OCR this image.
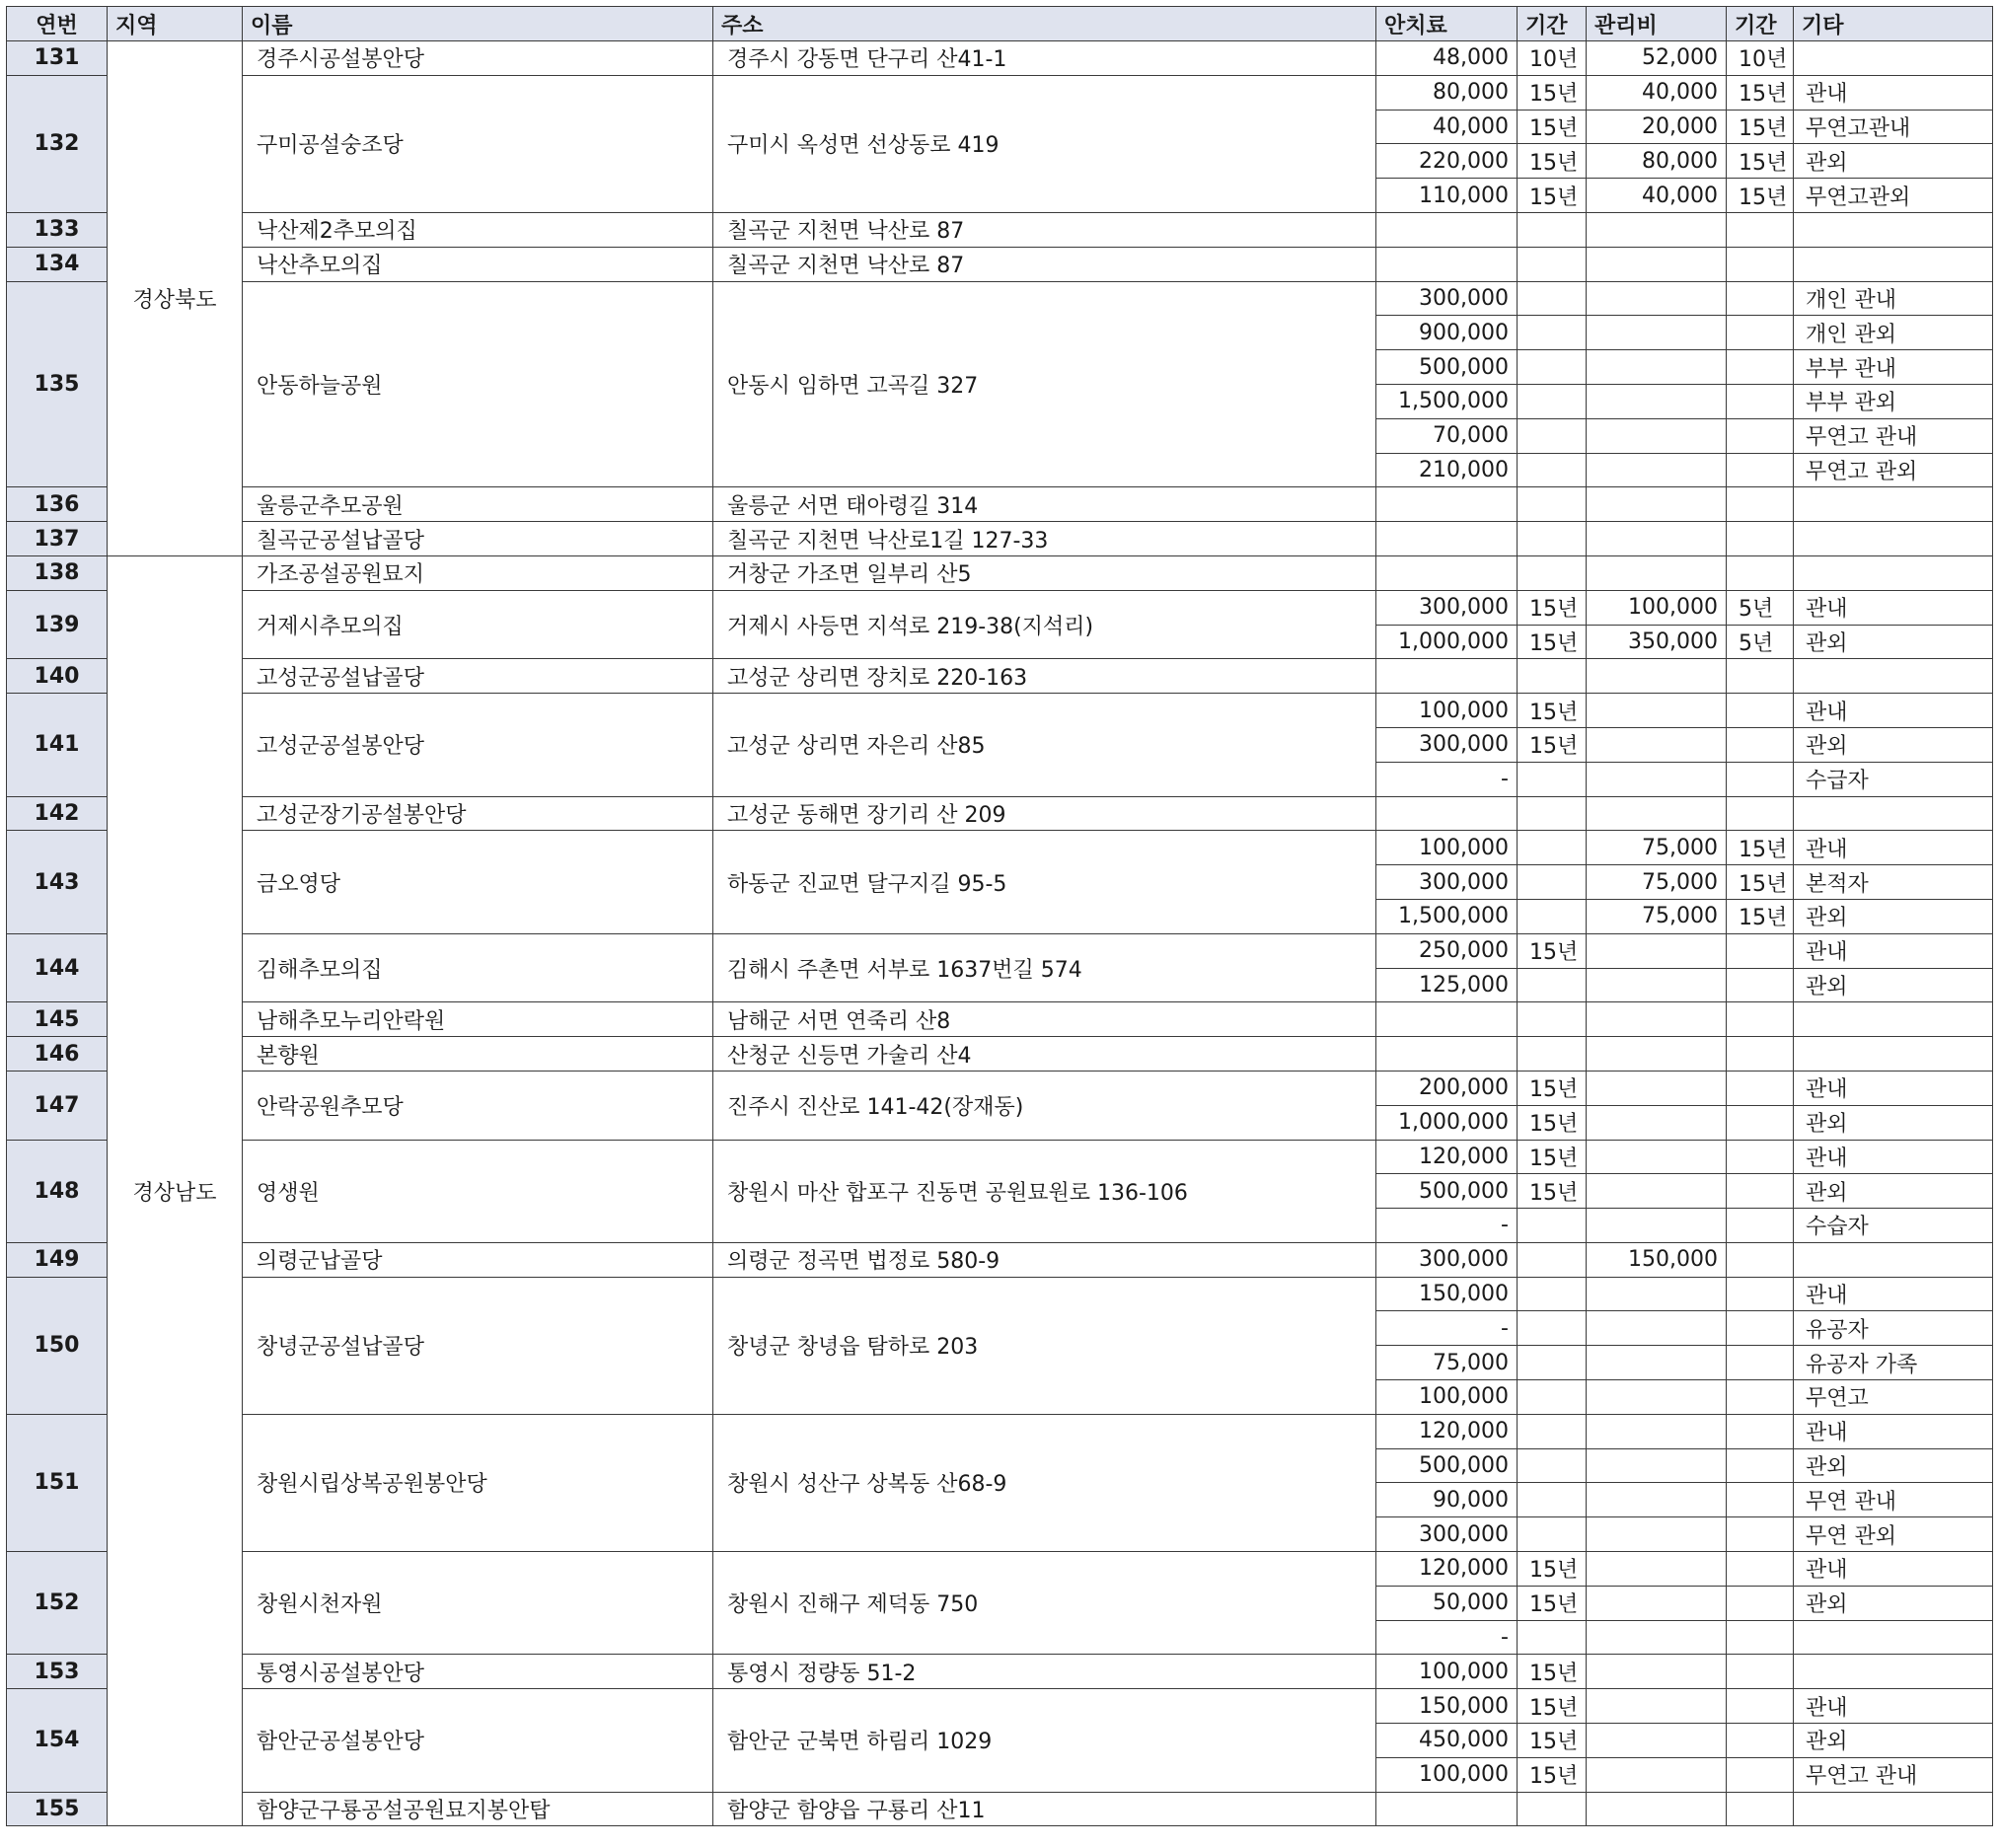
연번	지역	이름	주소	안치료	기간	관리비	기간	기타
131	경상북도	경주시공설봉안당	경주시 강동면 단구리 산41-1	48,000	10년	52,000	10년	
132		구미공설숭조당	구미시 옥성면 선상동로 419	80,000	15년	40,000	15년	관내
				40,000	15년	20,000	15년	무연고관내
				220,000	15년	80,000	15년	관외
				110,000	15년	40,000	15년	무연고관외
133		낙산제2추모의집	칠곡군 지천면 낙산로 87					
134		낙산추모의집	칠곡군 지천면 낙산로 87					
135		안동하늘공원	안동시 임하면 고곡길 327	300,000				개인 관내
				900,000				개인 관외
				500,000				부부 관내
				1,500,000				부부 관외
				70,000				무연고 관내
				210,000				무연고 관외
136		울릉군추모공원	울릉군 서면 태아령길 314					
137		칠곡군공설납골당	칠곡군 지천면 낙산로1길 127-33					
138	경상남도	가조공설공원묘지	거창군 가조면 일부리 산5					
139		거제시추모의집	거제시 사등면 지석로 219-38(지석리)	300,000	15년	100,000	5년	관내
				1,000,000	15년	350,000	5년	관외
140		고성군공설납골당	고성군 상리면 장치로 220-163					
141		고성군공설봉안당	고성군 상리면 자은리 산85	100,000	15년			관내
				300,000	15년			관외
				-				수급자
142		고성군장기공설봉안당	고성군 동해면 장기리 산 209					
143		금오영당	하동군 진교면 달구지길 95-5	100,000		75,000	15년	관내
				300,000		75,000	15년	본적자
				1,500,000		75,000	15년	관외
144		김해추모의집	김해시 주촌면 서부로 1637번길 574	250,000	15년			관내
				125,000				관외
145		남해추모누리안락원	남해군 서면 연죽리 산8					
146		본향원	산청군 신등면 가술리 산4					
147		안락공원추모당	진주시 진산로 141-42(장재동)	200,000	15년			관내
				1,000,000	15년			관외
148		영생원	창원시 마산 합포구 진동면 공원묘원로 136-106	120,000	15년			관내
				500,000	15년			관외
				-				수습자
149		의령군납골당	의령군 정곡면 법정로 580-9	300,000		150,000		
150		창녕군공설납골당	창녕군 창녕읍 탐하로 203	150,000				관내
				-				유공자
				75,000				유공자 가족
				100,000				무연고
151		창원시립상복공원봉안당	창원시 성산구 상복동 산68-9	120,000				관내
				500,000				관외
				90,000				무연 관내
				300,000				무연 관외
152		창원시천자원	창원시 진해구 제덕동 750	120,000	15년			관내
				50,000	15년			관외
				-				
153		통영시공설봉안당	통영시 정량동 51-2	100,000	15년			
154		함안군공설봉안당	함안군 군북면 하림리 1029	150,000	15년			관내
				450,000	15년			관외
				100,000	15년			무연고 관내
155		함양군구룡공설공원묘지봉안탑	함양군 함양읍 구룡리 산11					
